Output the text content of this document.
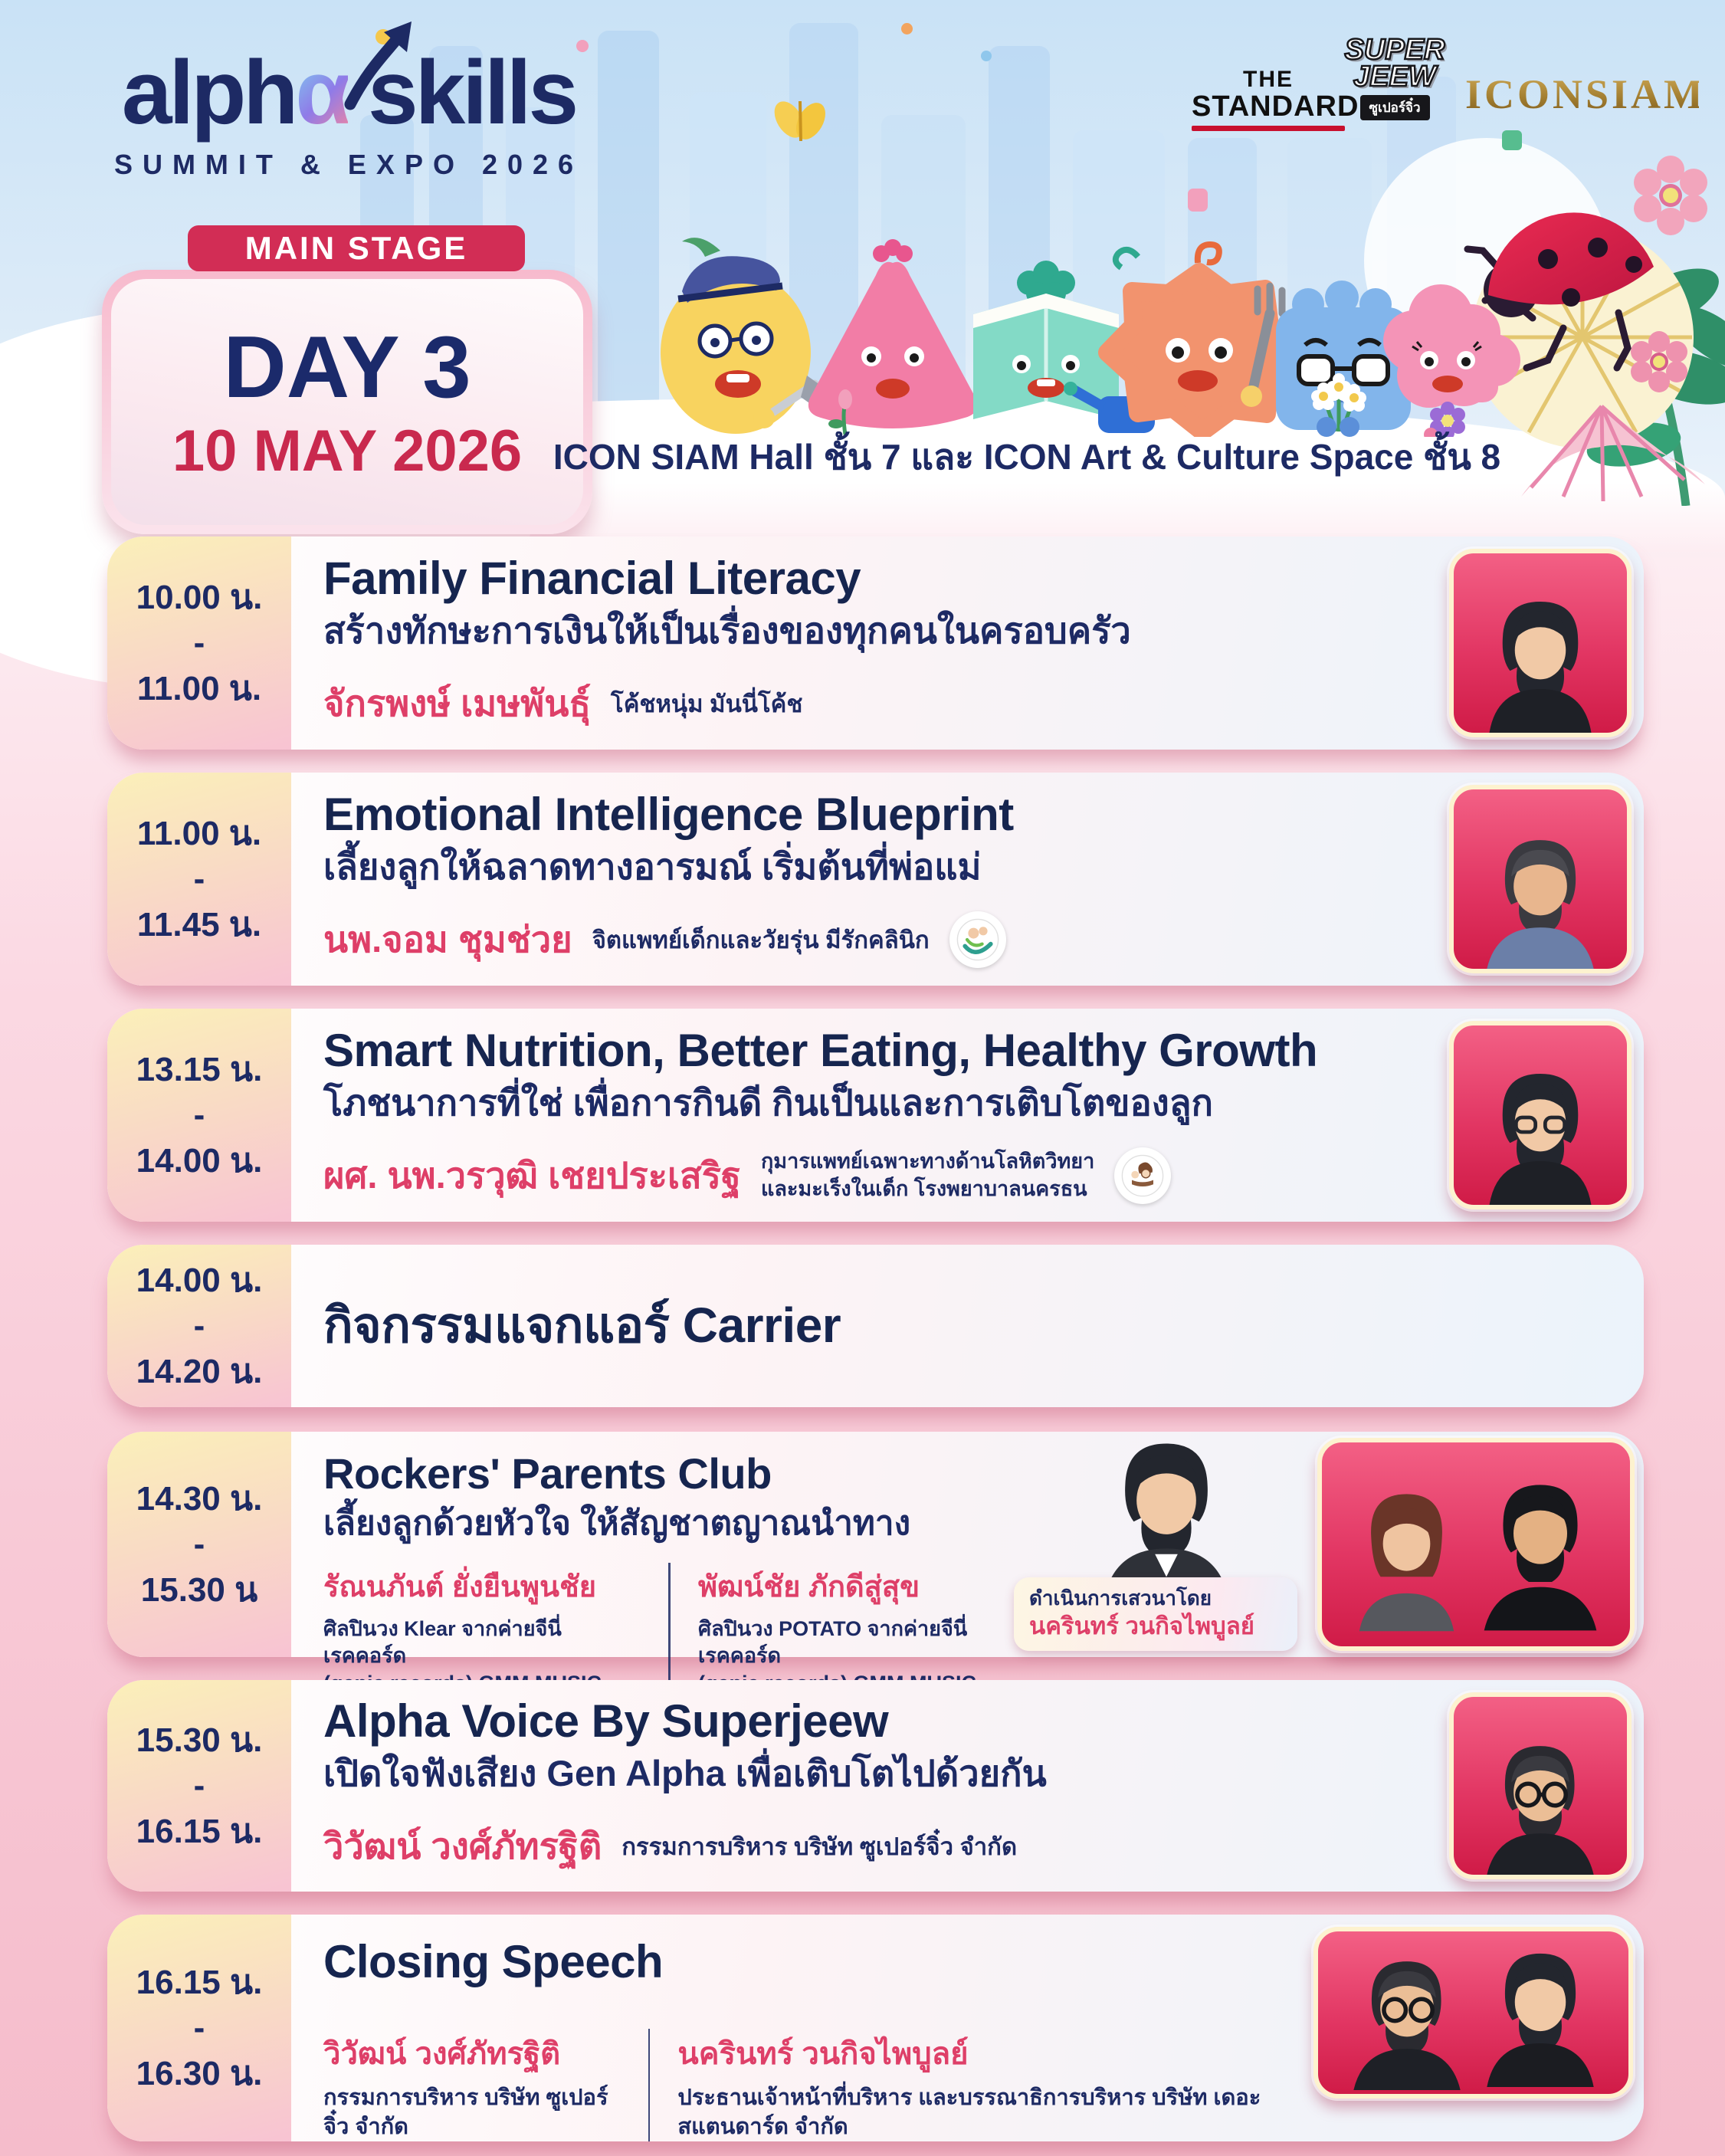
alphα skills
SUMMIT & EXPO 2026
THE
STANDARD
SUPER
JEEW
ซูเปอร์จิ๋ว	ICONSIAM
MAIN STAGE
DAY 3
10 MAY 2026 ICON SIAM Hall ชั้น 7 และ ICON Art & Culture Space ชั้น 8
10.00 น.
-
11.00 น.
Family Financial Literacy
สร้างทักษะการเงินให้เป็นเรื่องของทุกคนในครอบครัว
จักรพงษ์ เมษพันธุ์ โค้ชหนุ่ม มันนี่โค้ช
11.00 น.
-
11.45 น.
Emotional Intelligence Blueprint
เลี้ยงลูกให้ฉลาดทางอารมณ์ เริ่มต้นที่พ่อแม่
นพ.จอม ชุมช่วย จิตแพทย์เด็กและวัยรุ่น มีรักคลินิก
13.15 น.
-
14.00 น.
Smart Nutrition, Better Eating, Healthy Growth
โภชนาการที่ใช่ เพื่อการกินดี กินเป็นและการเติบโตของลูก
ผศ. นพ.วรวุฒิ เชยประเสริฐ กุมารแพทย์เฉพาะทางด้านโลหิตวิทยา
และมะเร็งในเด็ก โรงพยาบาลนครธน
14.00 น.
-
14.20 น.
กิจกรรมแจกแอร์ Carrier
14.30 น.
-
15.30 น
Rockers' Parents Club
เลี้ยงลูกด้วยหัวใจ ให้สัญชาตญาณนำทาง
รัณนภันต์ ยั่งยืนพูนชัย
ศิลปินวง Klear จากค่ายจีนี่เรคคอร์ด
พัฒน์ชัย ภักดีสู่สุข
ศิลปินวง POTATO จากค่ายจีนี่เรคคอร์ด
ดำเนินการเสวนาโดย
นครินทร์ วนกิจไพบูลย์
15.30 น.
-
16.15 น.
Alpha Voice By Superjeew
เปิดใจฟังเสียง Gen Alpha เพื่อเติบโตไปด้วยกัน
วิวัฒน์ วงศ์ภัทรฐิติ กรรมการบริหาร บริษัท ซูเปอร์จิ๋ว จำกัด
16.15 น.
-
16.30 น.
Closing Speech
วิวัฒน์ วงศ์ภัทรฐิติ
กรรมการบริหาร บริษัท ซูเปอร์จิ๋ว จำกัด
นครินทร์ วนกิจไพบูลย์
ประธานเจ้าหน้าที่บริหาร และบรรณาธิการบริหาร บริษัท เดอะสแตนดาร์ด จำกัด
